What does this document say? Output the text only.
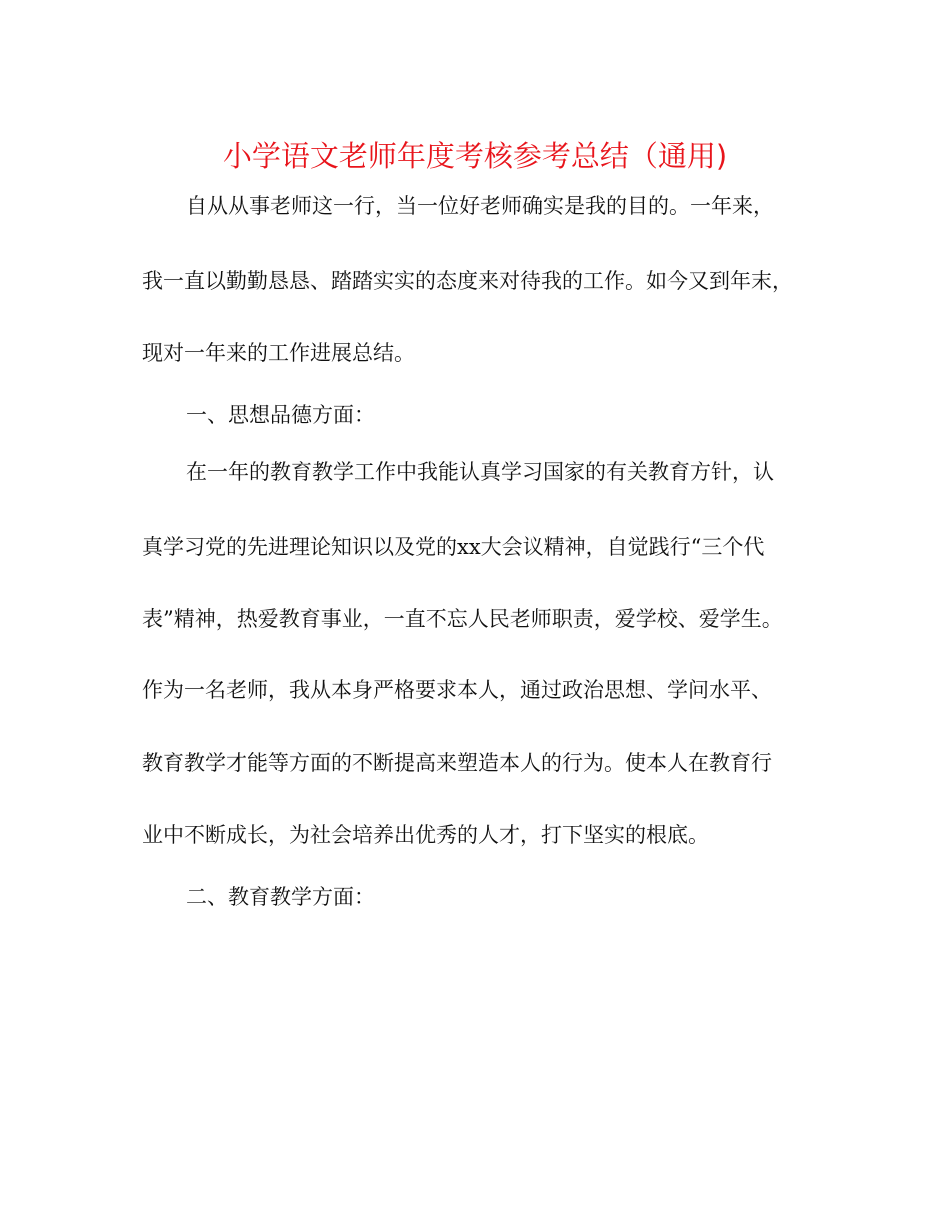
小学语文老师年度考核参考总结（通用)

自从从事老师这一行，当一位好老师确实是我的目的。一年来，

我一直以勤勤恳恳、踏踏实实的态度来对待我的工作。如今又到年末，

现对一年来的工作进展总结。

一、思想品德方面：

在一年的教育教学工作中我能认真学习国家的有关教育方针，认

真学习党的先进理论知识以及党的xx大会议精神，自觉践行“三个代

表”精神，热爱教育事业，一直不忘人民老师职责，爱学校、爱学生。

作为一名老师，我从本身严格要求本人，通过政治思想、学问水平、

教育教学才能等方面的不断提高来塑造本人的行为。使本人在教育行

业中不断成长，为社会培养出优秀的人才，打下坚实的根底。

二、教育教学方面：
